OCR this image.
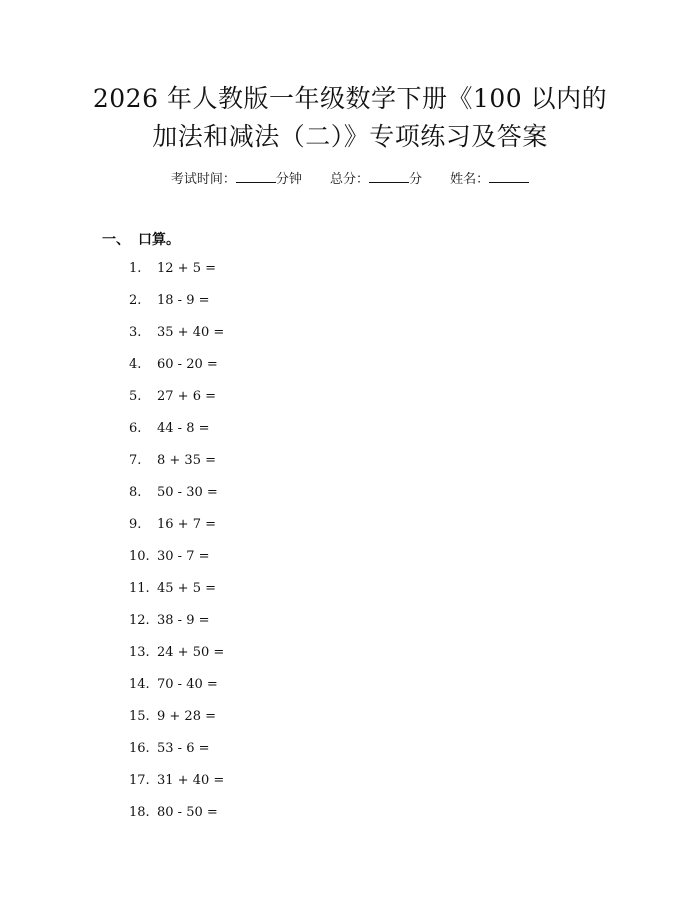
2026 年人教版一年级数学下册《100 以内的
加法和减法（二）》专项练习及答案
考试时间：	分钟 总分：	分 姓名：
一、 口算。
1. 12 + 5 =
2. 18 - 9 =
3. 35 + 40 =
4. 60 - 20 =
5. 27 + 6 =
6. 44 - 8 =
7. 8 + 35 =
8. 50 - 30 =
9. 16 + 7 =
10. 30 - 7 =
11. 45 + 5 =
12. 38 - 9 =
13. 24 + 50 =
14. 70 - 40 =
15. 9 + 28 =
16. 53 - 6 =
17. 31 + 40 =
18. 80 - 50 =
